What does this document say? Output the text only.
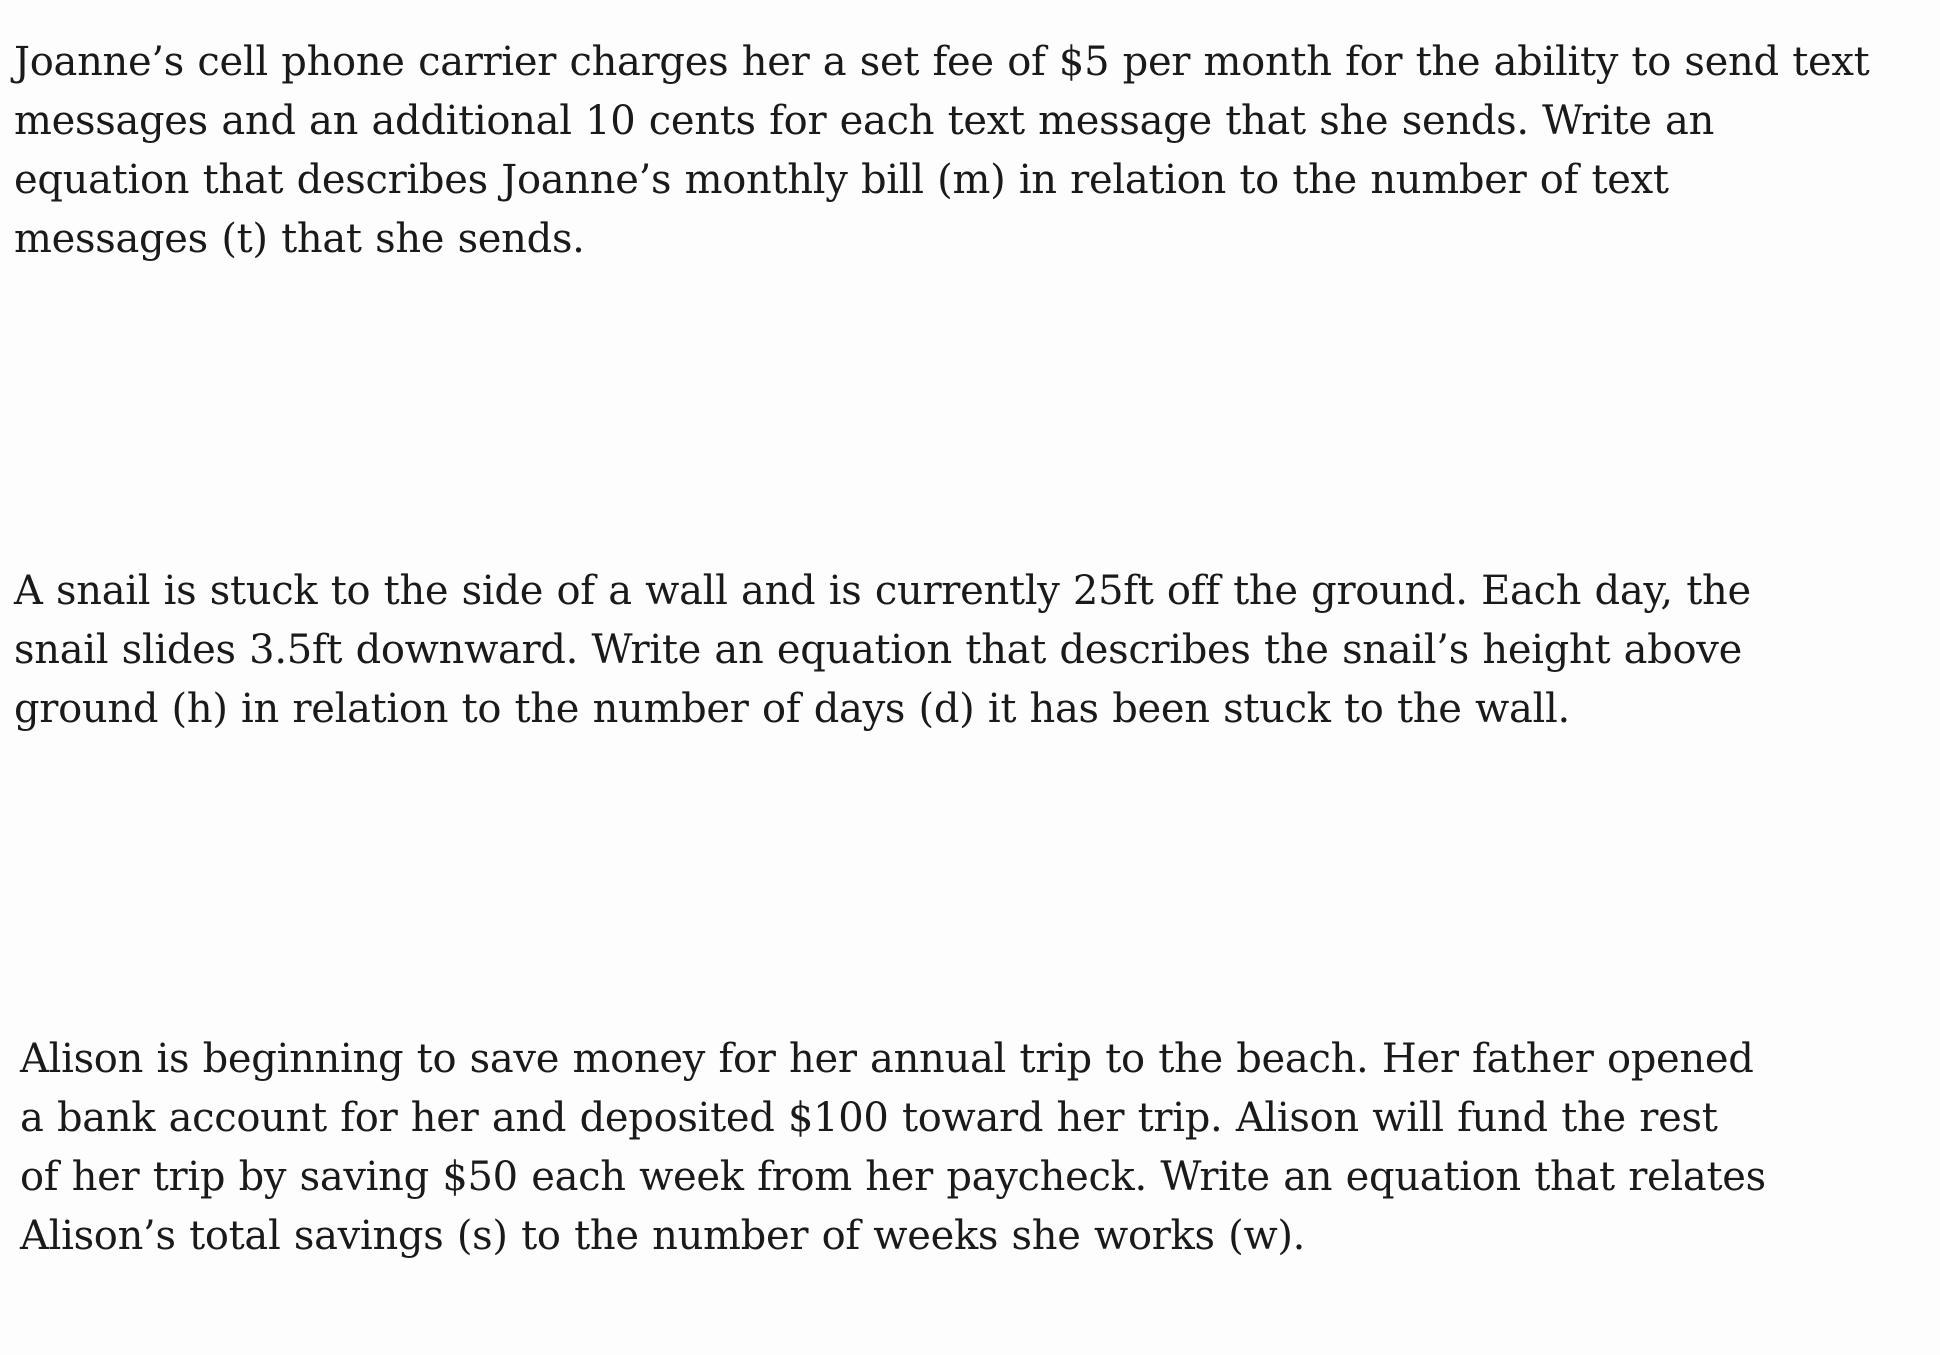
Joanne’s cell phone carrier charges her a set fee of $5 per month for the ability to send text
messages and an additional 10 cents for each text message that she sends. Write an
equation that describes Joanne’s monthly bill (m) in relation to the number of text
messages (t) that she sends.
A snail is stuck to the side of a wall and is currently 25ft off the ground. Each day, the
snail slides 3.5ft downward. Write an equation that describes the snail’s height above
ground (h) in relation to the number of days (d) it has been stuck to the wall.
Alison is beginning to save money for her annual trip to the beach. Her father opened
a bank account for her and deposited $100 toward her trip. Alison will fund the rest
of her trip by saving $50 each week from her paycheck. Write an equation that relates
Alison’s total savings (s) to the number of weeks she works (w).
